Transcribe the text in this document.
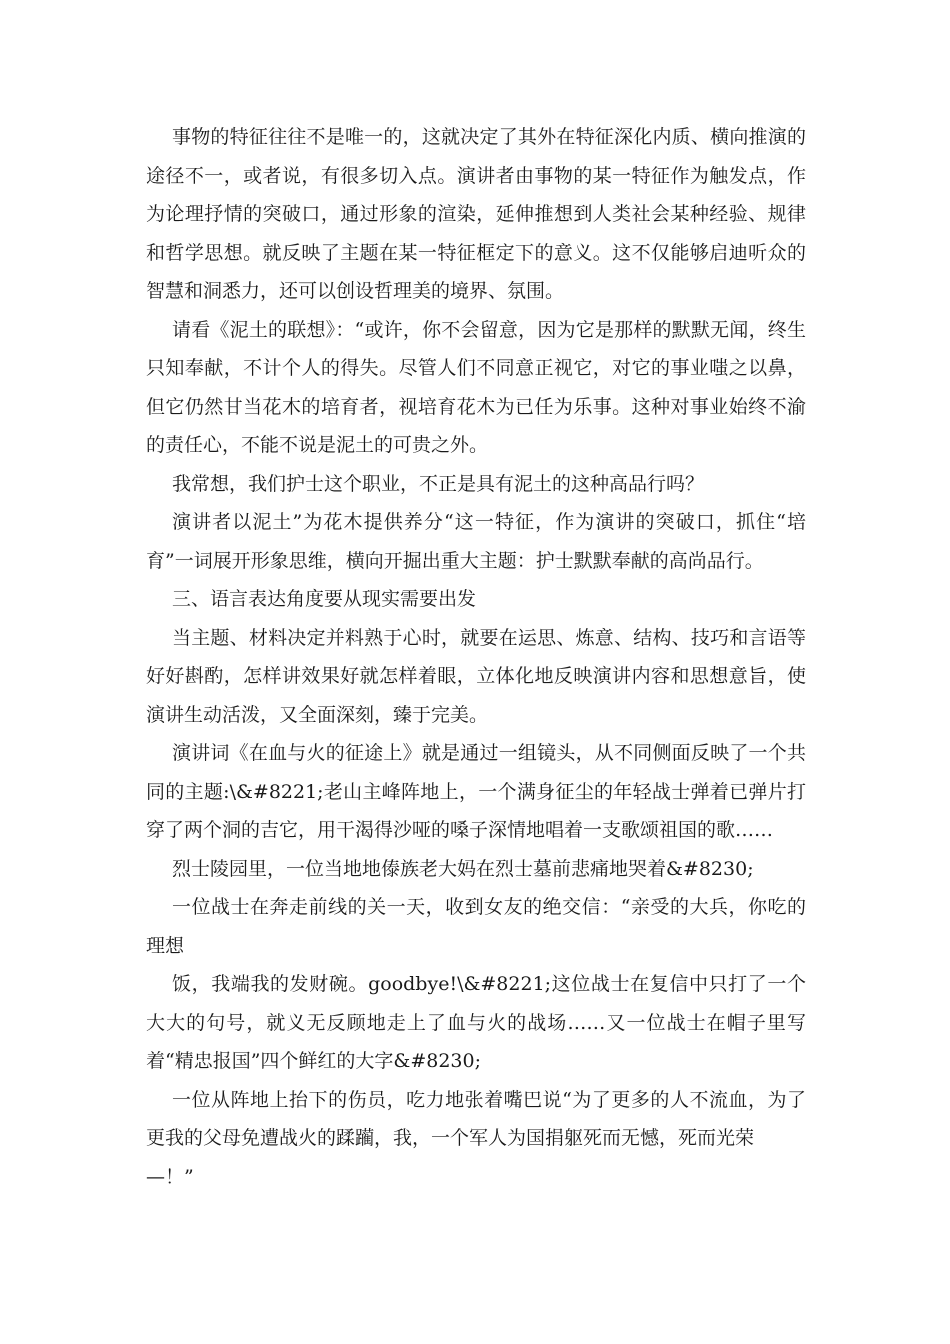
事物的特征往往不是唯一的，这就决定了其外在特征深化内质、横向推演的途径不一，或者说，有很多切入点。演讲者由事物的某一特征作为触发点，作为论理抒情的突破口，通过形象的渲染，延伸推想到人类社会某种经验、规律和哲学思想。就反映了主题在某一特征框定下的意义。这不仅能够启迪听众的智慧和洞悉力，还可以创设哲理美的境界、氛围。

请看《泥土的联想》：“或许，你不会留意，因为它是那样的默默无闻，终生只知奉献，不计个人的得失。尽管人们不同意正视它，对它的事业嗤之以鼻，但它仍然甘当花木的培育者，视培育花木为已任为乐事。这种对事业始终不渝的责任心，不能不说是泥土的可贵之外。

我常想，我们护士这个职业，不正是具有泥土的这种高品行吗？

演讲者以泥土”为花木提供养分“这一特征，作为演讲的突破口，抓住“培育”一词展开形象思维，横向开掘出重大主题：护士默默奉献的高尚品行。

三、语言表达角度要从现实需要出发

当主题、材料决定并料熟于心时，就要在运思、炼意、结构、技巧和言语等好好斟酌，怎样讲效果好就怎样着眼，立体化地反映演讲内容和思想意旨，使演讲生动活泼，又全面深刻，臻于完美。

演讲词《在血与火的征途上》就是通过一组镜头，从不同侧面反映了一个共同的主题:\&#8221;老山主峰阵地上，一个满身征尘的年轻战士弹着已弹片打穿了两个洞的吉它，用干渴得沙哑的嗓子深情地唱着一支歌颂祖国的歌……

烈士陵园里，一位当地地傣族老大妈在烈士墓前悲痛地哭着&#8230;

一位战士在奔走前线的关一天，收到女友的绝交信：“亲受的大兵，你吃的理想

饭，我端我的发财碗。goodbye!\&#8221;这位战士在复信中只打了一个大大的句号，就义无反顾地走上了血与火的战场……又一位战士在帽子里写着“精忠报国”四个鲜红的大字&#8230;

一位从阵地上抬下的伤员，吃力地张着嘴巴说“为了更多的人不流血，为了更我的父母免遭战火的蹂躏，我，一个军人为国捐躯死而无憾，死而光荣

—！”
